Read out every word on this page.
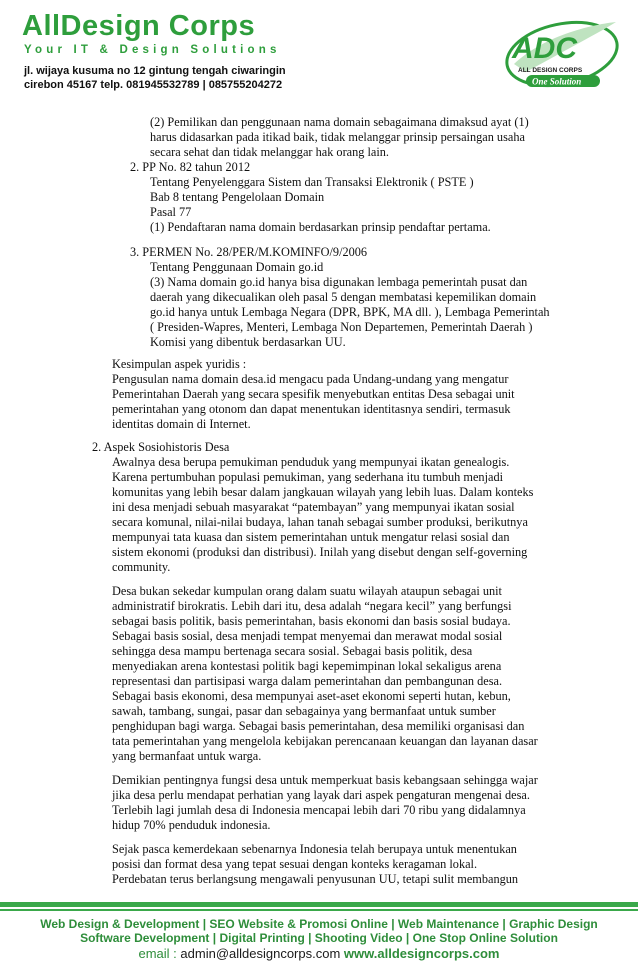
AllDesign Corps
Your IT & Design Solutions
jl. wijaya kusuma no 12 gintung tengah ciwaringin
cirebon 45167 telp. 081945532789 | 085755204272
ADC
ALL DESIGN CORPS
One Solution
(2) Pemilikan dan penggunaan nama domain sebagaimana dimaksud ayat (1)
harus didasarkan pada itikad baik, tidak melanggar prinsip persaingan usaha
secara sehat dan tidak melanggar hak orang lain.
2. PP No. 82 tahun 2012
Tentang Penyelenggara Sistem dan Transaksi Elektronik ( PSTE )
Bab 8 tentang Pengelolaan Domain
Pasal 77
(1) Pendaftaran nama domain berdasarkan prinsip pendaftar pertama.
3. PERMEN No. 28/PER/M.KOMINFO/9/2006
Tentang Penggunaan Domain go.id
(3) Nama domain go.id hanya bisa digunakan lembaga pemerintah pusat dan
daerah yang dikecualikan oleh pasal 5 dengan membatasi kepemilikan domain
go.id hanya untuk Lembaga Negara (DPR, BPK, MA dll. ), Lembaga Pemerintah
( Presiden-Wapres, Menteri, Lembaga Non Departemen, Pemerintah Daerah )
Komisi yang dibentuk berdasarkan UU.
Kesimpulan aspek yuridis :
Pengusulan nama domain desa.id mengacu pada Undang-undang yang mengatur
Pemerintahan Daerah yang secara spesifik menyebutkan entitas Desa sebagai unit
pemerintahan yang otonom dan dapat menentukan identitasnya sendiri, termasuk
identitas domain di Internet.
2. Aspek Sosiohistoris Desa
Awalnya desa berupa pemukiman penduduk yang mempunyai ikatan genealogis.
Karena pertumbuhan populasi pemukiman, yang sederhana itu tumbuh menjadi
komunitas yang lebih besar dalam jangkauan wilayah yang lebih luas. Dalam konteks
ini desa menjadi sebuah masyarakat “patembayan” yang mempunyai ikatan sosial
secara komunal, nilai-nilai budaya, lahan tanah sebagai sumber produksi, berikutnya
mempunyai tata kuasa dan sistem pemerintahan untuk mengatur relasi sosial dan
sistem ekonomi (produksi dan distribusi). Inilah yang disebut dengan self-governing
community.
Desa bukan sekedar kumpulan orang dalam suatu wilayah ataupun sebagai unit
administratif birokratis. Lebih dari itu, desa adalah “negara kecil” yang berfungsi
sebagai basis politik, basis pemerintahan, basis ekonomi dan basis sosial budaya.
Sebagai basis sosial, desa menjadi tempat menyemai dan merawat modal sosial
sehingga desa mampu bertenaga secara sosial. Sebagai basis politik, desa
menyediakan arena kontestasi politik bagi kepemimpinan lokal sekaligus arena
representasi dan partisipasi warga dalam pemerintahan dan pembangunan desa.
Sebagai basis ekonomi, desa mempunyai aset-aset ekonomi seperti hutan, kebun,
sawah, tambang, sungai, pasar dan sebagainya yang bermanfaat untuk sumber
penghidupan bagi warga. Sebagai basis pemerintahan, desa memiliki organisasi dan
tata pemerintahan yang mengelola kebijakan perencanaan keuangan dan layanan dasar
yang bermanfaat untuk warga.
Demikian pentingnya fungsi desa untuk memperkuat basis kebangsaan sehingga wajar
jika desa perlu mendapat perhatian yang layak dari aspek pengaturan mengenai desa.
Terlebih lagi jumlah desa di Indonesia mencapai lebih dari 70 ribu yang didalamnya
hidup 70% penduduk indonesia.
Sejak pasca kemerdekaan sebenarnya Indonesia telah berupaya untuk menentukan
posisi dan format desa yang tepat sesuai dengan konteks keragaman lokal.
Perdebatan terus berlangsung mengawali penyusunan UU, tetapi sulit membangun
Web Design & Development | SEO Website & Promosi Online | Web Maintenance | Graphic Design
Software Development | Digital Printing | Shooting Video | One Stop Online Solution
email : admin@alldesigncorps.com www.alldesigncorps.com
